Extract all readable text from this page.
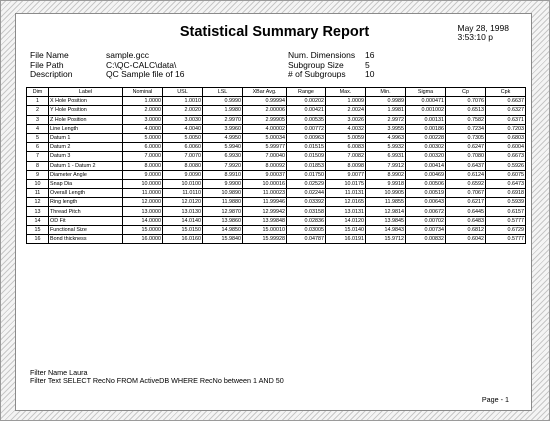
Statistical Summary Report	May 28, 1998
3:53:10 p
File Name	sample.gcc
File Path	C:\QC-CALC\data\
Description	QC Sample file of 16
Num. Dimensions	16
Subgroup Size	5
# of Subgroups	10
Dim	Label	Nominal	USL	LSL	XBar Avg.	Range	Max.	Min.	Sigma	Cp	Cpk
1	X Hole Position	1.0000	1.0010	0.9990	0.99994	0.00202	1.0009	0.9989	0.000471	0.7076	0.6637
2	Y Hole Position	2.0000	2.0020	1.9980	2.00006	0.00421	2.0024	1.9981	0.001002	0.6513	0.6327
3	Z Hole Position	3.0000	3.0030	2.9970	2.99905	0.00535	3.0026	2.9972	0.00131	0.7582	0.6371
4	Line Length	4.0000	4.0040	3.9960	4.00002	0.00772	4.0032	3.9955	0.00186	0.7234	0.7203
5	Datum 1	5.0000	5.0050	4.9950	5.00034	0.00963	5.0059	4.9963	0.00228	0.7305	0.6803
6	Datum 2	6.0000	6.0060	5.9940	5.99977	0.01515	6.0083	5.9932	0.00302	0.6247	0.6004
7	Datum 3	7.0000	7.0070	6.9930	7.00040	0.01509	7.0082	6.9931	0.00320	0.7080	0.6673
8	Datum 1 - Datum 2	8.0000	8.0080	7.9920	8.00092	0.01853	8.0098	7.9912	0.00414	0.6437	0.5926
9	Diameter Angle	9.0000	9.0090	8.9910	9.00037	0.01750	9.0077	8.9902	0.00469	0.6124	0.6075
10	Snap Dia	10.0000	10.0100	9.9900	10.00016	0.02529	10.0175	9.9918	0.00506	0.6592	0.6473
11	Overall Length	11.0000	11.0110	10.9890	11.00023	0.02244	11.0131	10.9905	0.00519	0.7067	0.6918
12	Ring length	12.0000	12.0120	11.9880	11.99946	0.03392	12.0165	11.9855	0.00643	0.6217	0.5939
13	Thread Pitch	13.0000	13.0130	12.9870	12.99942	0.03158	13.0131	12.9814	0.00672	0.6445	0.6157
14	OD Fit	14.0000	14.0140	13.9860	13.99848	0.02836	14.0120	13.9845	0.00702	0.6483	0.5777
15	Functional Size	15.0000	15.0150	14.9850	15.00010	0.03005	15.0140	14.9843	0.00734	0.6812	0.6729
16	Bond thickness	16.0000	16.0160	15.9840	15.99928	0.04787	16.0191	15.9712	0.00832	0.6042	0.5777
Filter Name Laura
Filter Text SELECT RecNo FROM ActiveDB WHERE RecNo between 1 AND 50
Page - 1
